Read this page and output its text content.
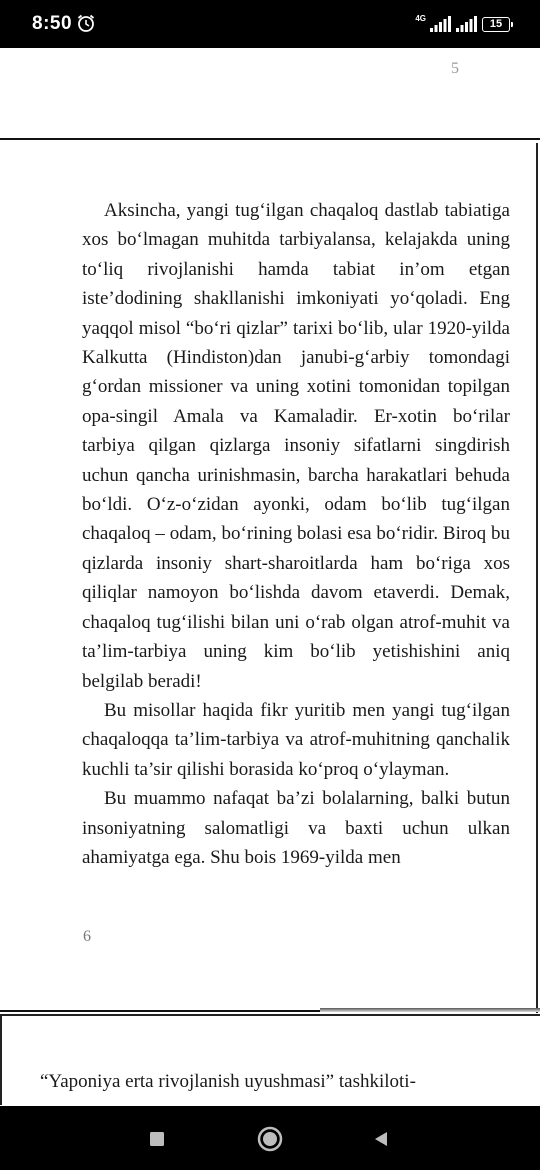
8:50	4G	15
5

Aksincha, yangi tug‘ilgan chaqaloq dastlab tabiatiga xos bo‘lmagan muhitda tarbiyalansa, kelajakda uning to‘liq rivojlanishi hamda tabiat in’om etgan iste’dodining shakllanishi imkoniyati yo‘qoladi. Eng yaqqol misol “bo‘ri qizlar” tarixi bo‘lib, ular 1920-yilda Kalkutta (Hindiston)dan janubi-g‘arbiy tomondagi g‘ordan missioner va uning xotini tomonidan topilgan opa-singil Amala va Kamaladir. Er-xotin bo‘rilar tarbiya qilgan qizlarga insoniy sifatlarni singdirish uchun qancha urinishmasin, barcha harakatlari behuda bo‘ldi. O‘z-o‘zidan ayonki, odam bo‘lib tug‘ilgan chaqaloq – odam, bo‘rining bolasi esa bo‘ridir. Biroq bu qizlarda insoniy shart-sharoitlarda ham bo‘riga xos qiliqlar namoyon bo‘lishda davom etaverdi. Demak, chaqaloq tug‘ilishi bilan uni o‘rab olgan atrof-muhit va ta’lim-tarbiya uning kim bo‘lib yetishishini aniq belgilab beradi!

Bu misollar haqida fikr yuritib men yangi tug‘ilgan chaqaloqqa ta’lim-tarbiya va atrof-muhitning qanchalik kuchli ta’sir qilishi borasida ko‘proq o‘ylayman.

Bu muammo nafaqat ba’zi bolalarning, balki butun insoniyatning salomatligi va baxti uchun ulkan ahamiyatga ega. Shu bois 1969-yilda men

6
“Yaponiya erta rivojlanish uyushmasi” tashkiloti-
